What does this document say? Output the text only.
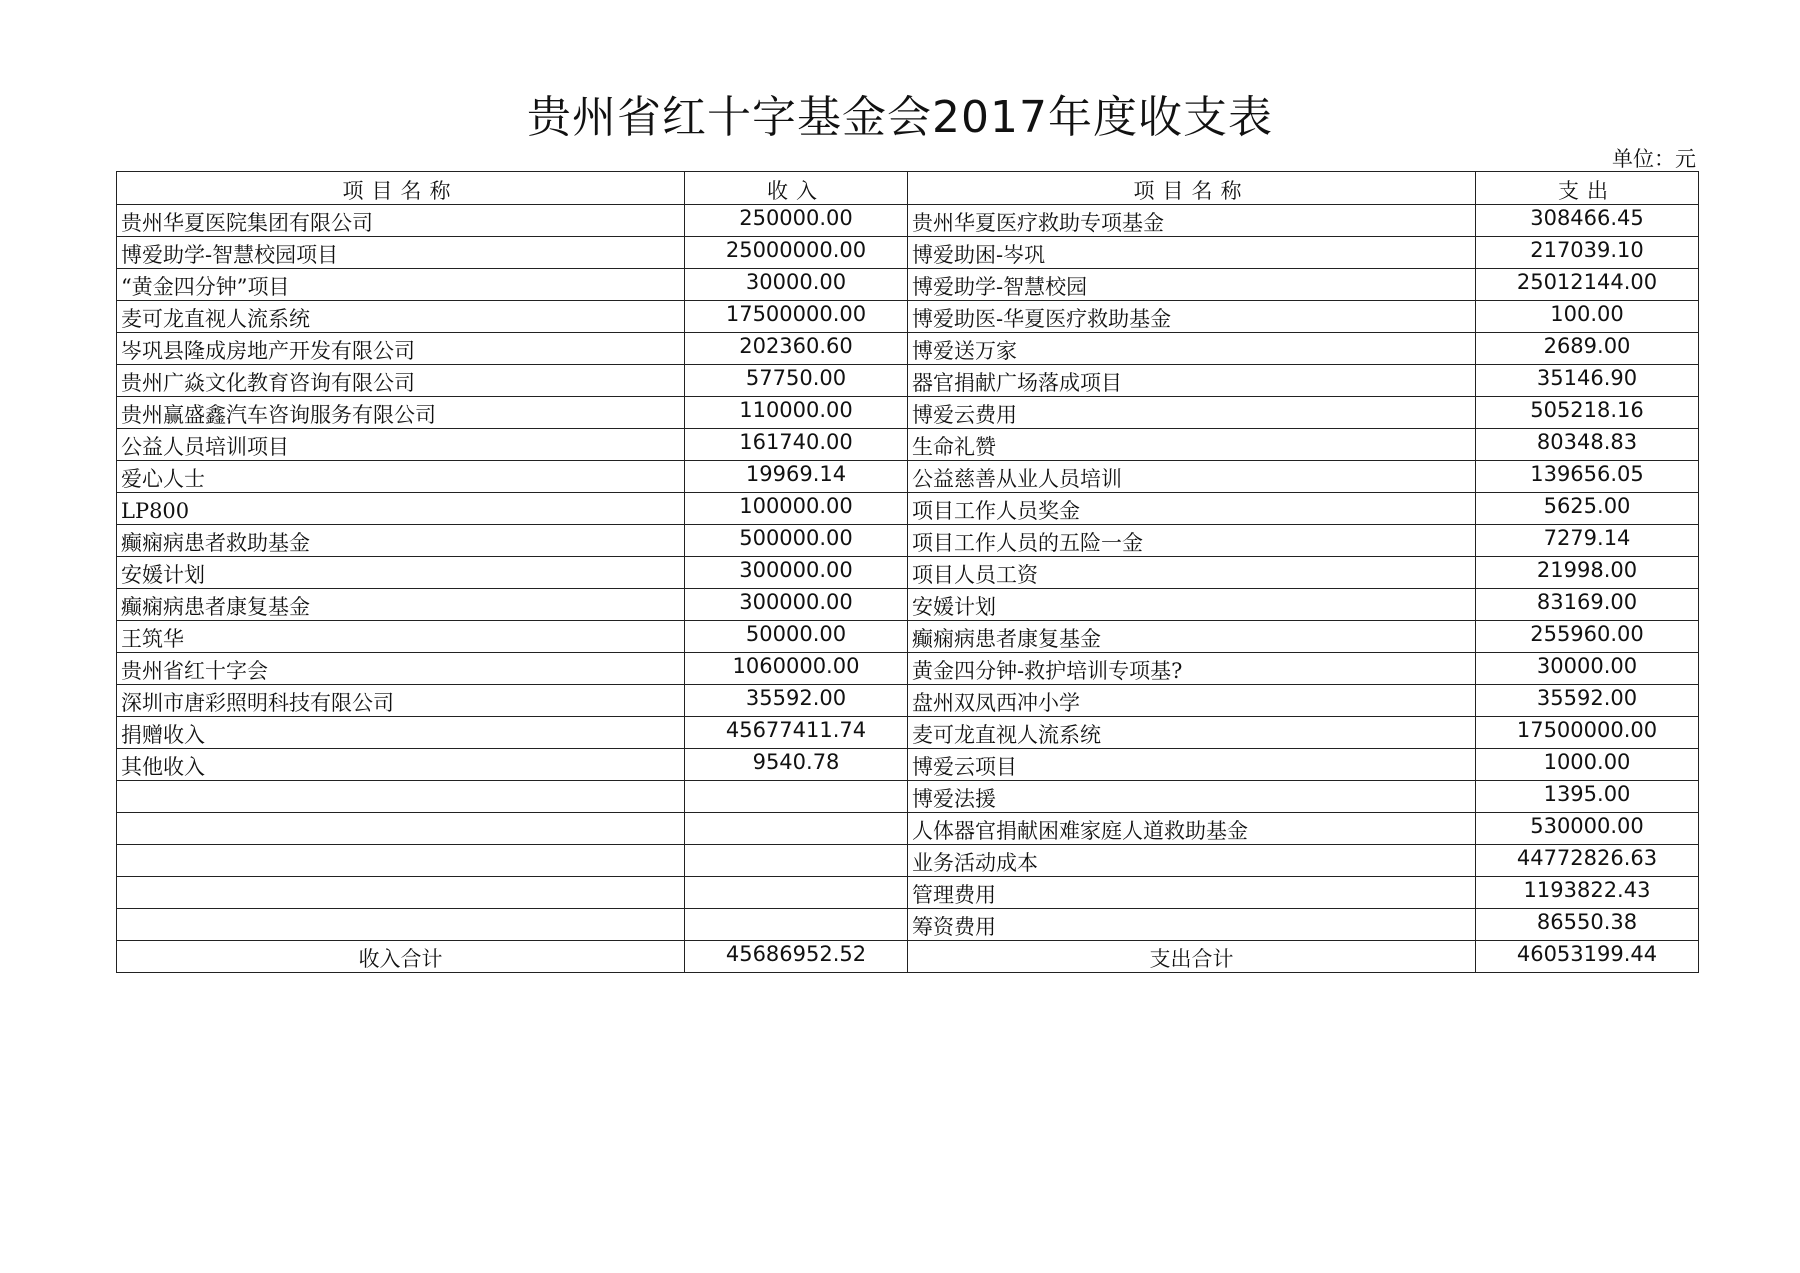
贵州省红十字基金会2017年度收支表
单位：元
项目名称	收入	项目名称	支出
贵州华夏医院集团有限公司	250000.00	贵州华夏医疗救助专项基金	308466.45
博爱助学-智慧校园项目	25000000.00	博爱助困-岑巩	217039.10
“黄金四分钟”项目	30000.00	博爱助学-智慧校园	25012144.00
麦可龙直视人流系统	17500000.00	博爱助医-华夏医疗救助基金	100.00
岑巩县隆成房地产开发有限公司	202360.60	博爱送万家	2689.00
贵州广焱文化教育咨询有限公司	57750.00	器官捐献广场落成项目	35146.90
贵州赢盛鑫汽车咨询服务有限公司	110000.00	博爱云费用	505218.16
公益人员培训项目	161740.00	生命礼赞	80348.83
爱心人士	19969.14	公益慈善从业人员培训	139656.05
LP800	100000.00	项目工作人员奖金	5625.00
癫痫病患者救助基金	500000.00	项目工作人员的五险一金	7279.14
安媛计划	300000.00	项目人员工资	21998.00
癫痫病患者康复基金	300000.00	安媛计划	83169.00
王筑华	50000.00	癫痫病患者康复基金	255960.00
贵州省红十字会	1060000.00	黄金四分钟-救护培训专项基?	30000.00
深圳市唐彩照明科技有限公司	35592.00	盘州双凤西冲小学	35592.00
捐赠收入	45677411.74	麦可龙直视人流系统	17500000.00
其他收入	9540.78	博爱云项目	1000.00
		博爱法援	1395.00
		人体器官捐献困难家庭人道救助基金	530000.00
		业务活动成本	44772826.63
		管理费用	1193822.43
		筹资费用	86550.38
收入合计	45686952.52	支出合计	46053199.44
